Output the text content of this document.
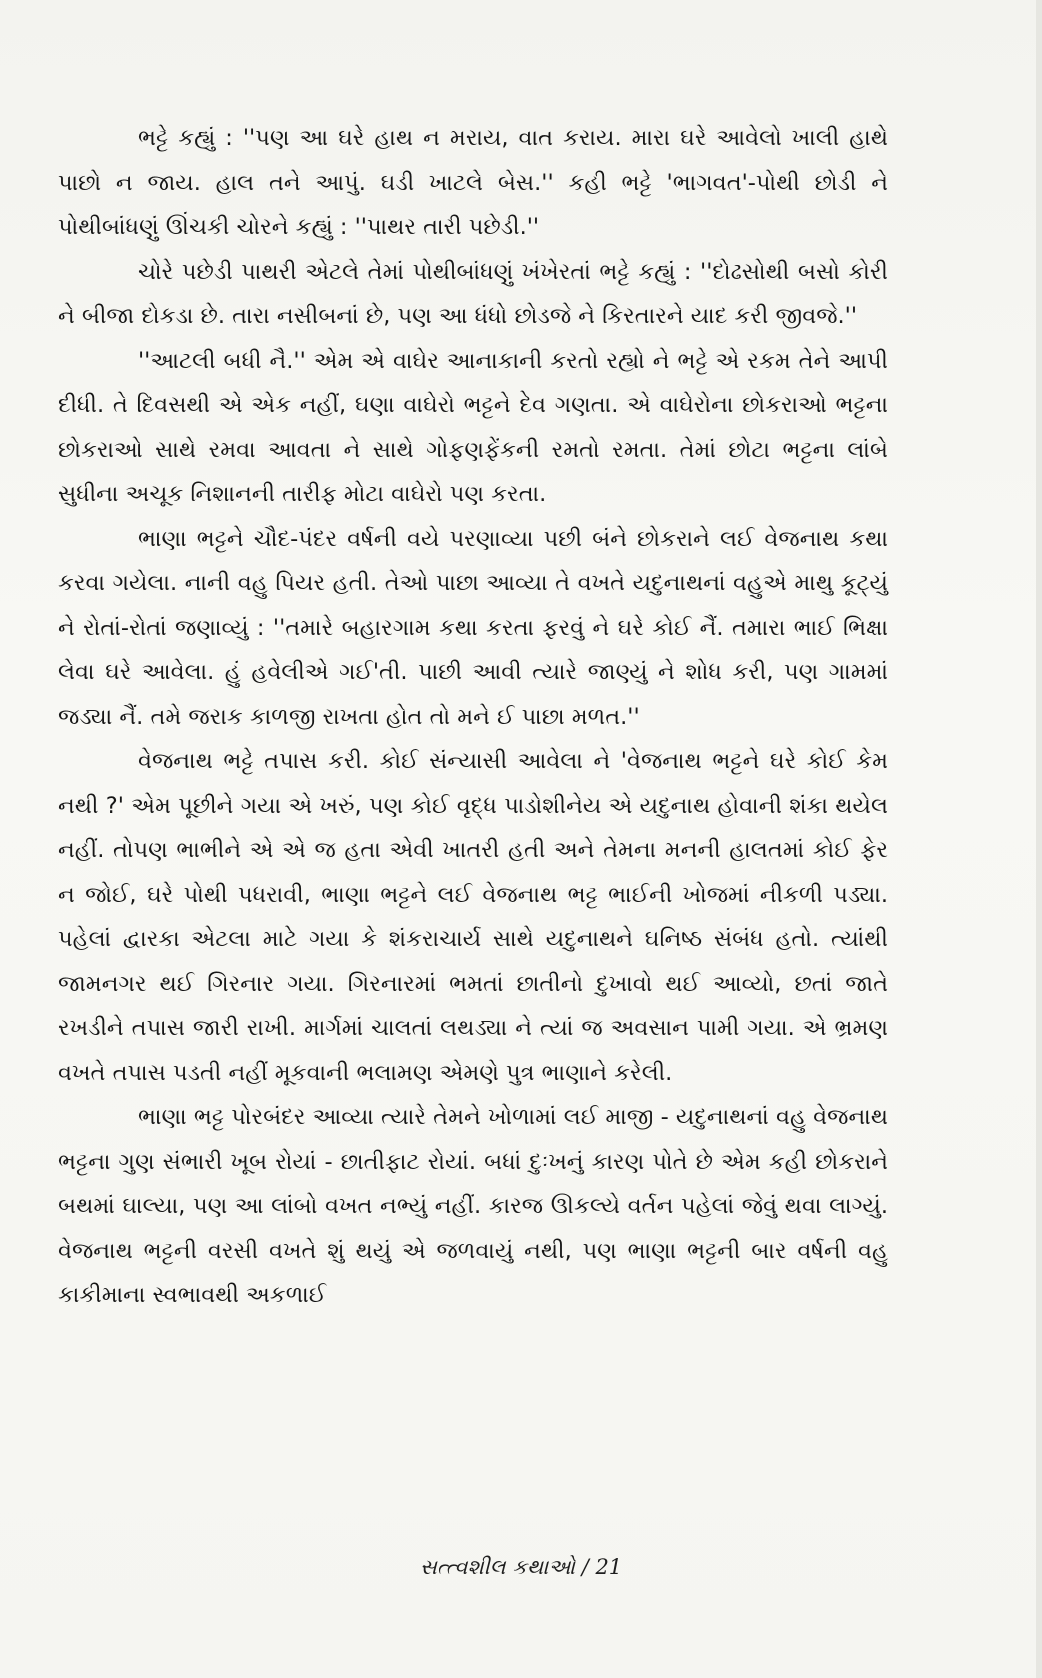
ભટ્ટે કહ્યું : ''પણ આ ઘરે હાથ ન મરાય, વાત કરાય. મારા ઘરે આવેલો ખાલી હાથે પાછો ન જાય. હાલ તને આપું. ઘડી ખાટલે બેસ.'' કહી ભટ્ટે 'ભાગવત'-પોથી છોડી ને પોથીબાંધણું ઊંચકી ચોરને કહ્યું : ''પાથર તારી પછેડી.''

ચોરે પછેડી પાથરી એટલે તેમાં પોથીબાંધણું ખંખેરતાં ભટ્ટે કહ્યું : ''દોઢસોથી બસો કોરી ને બીજા દોકડા છે. તારા નસીબનાં છે, પણ આ ધંધો છોડજે ને કિરતારને યાદ કરી જીવજે.''

''આટલી બધી નૈ.'' એમ એ વાઘેર આનાકાની કરતો રહ્યો ને ભટ્ટે એ રકમ તેને આપી દીધી. તે દિવસથી એ એક નહીં, ઘણા વાઘેરો ભટ્ટને દેવ ગણતા. એ વાઘેરોના છોકરાઓ ભટ્ટના છોકરાઓ સાથે રમવા આવતા ને સાથે ગોફણફેંકની રમતો રમતા. તેમાં છોટા ભટ્ટના લાંબે સુધીના અચૂક નિશાનની તારીફ મોટા વાઘેરો પણ કરતા.

ભાણા ભટ્ટને ચૌદ-પંદર વર્ષની વયે પરણાવ્યા પછી બંને છોકરાને લઈ વેજનાથ કથા કરવા ગયેલા. નાની વહુ પિયર હતી. તેઓ પાછા આવ્યા તે વખતે યદુનાથનાં વહુએ માથુ કૂટ્યું ને રોતાં-રોતાં જણાવ્યું : ''તમારે બહારગામ કથા કરતા ફરવું ને ઘરે કોઈ નૈં. તમારા ભાઈ ભિક્ષા લેવા ઘરે આવેલા. હું હવેલીએ ગઈ'તી. પાછી આવી ત્યારે જાણ્યું ને શોધ કરી, પણ ગામમાં જડ્યા નૈં. તમે જરાક કાળજી રાખતા હોત તો મને ઈ પાછા મળત.''

વેજનાથ ભટ્ટે તપાસ કરી. કોઈ સંન્યાસી આવેલા ને 'વેજનાથ ભટ્ટને ઘરે કોઈ કેમ નથી ?' એમ પૂછીને ગયા એ ખરું, પણ કોઈ વૃદ્ધ પાડોશીનેય એ યદુનાથ હોવાની શંકા થયેલ નહીં. તોપણ ભાભીને એ એ જ હતા એવી ખાતરી હતી અને તેમના મનની હાલતમાં કોઈ ફેર ન જોઈ, ઘરે પોથી પધરાવી, ભાણા ભટ્ટને લઈ વેજનાથ ભટ્ટ ભાઈની ખોજમાં નીકળી પડ્યા. પહેલાં દ્વારકા એટલા માટે ગયા કે શંકરાચાર્ય સાથે યદુનાથને ઘનિષ્ઠ સંબંધ હતો. ત્યાંથી જામનગર થઈ ગિરનાર ગયા. ગિરનારમાં ભમતાં છાતીનો દુખાવો થઈ આવ્યો, છતાં જાતે રખડીને તપાસ જારી રાખી. માર્ગમાં ચાલતાં લથડ્યા ને ત્યાં જ અવસાન પામી ગયા. એ ભ્રમણ વખતે તપાસ પડતી નહીં મૂકવાની ભલામણ એમણે પુત્ર ભાણાને કરેલી.

ભાણા ભટ્ટ પોરબંદર આવ્યા ત્યારે તેમને ખોળામાં લઈ માજી - યદુનાથનાં વહુ વેજનાથ ભટ્ટના ગુણ સંભારી ખૂબ રોયાં - છાતીફાટ રોયાં. બધાં દુઃખનું કારણ પોતે છે એમ કહી છોકરાને બથમાં ઘાલ્યા, પણ આ લાંબો વખત નભ્યું નહીં. કારજ ઊકલ્યે વર્તન પહેલાં જેવું થવા લાગ્યું. વેજનાથ ભટ્ટની વરસી વખતે શું થયું એ જળવાયું નથી, પણ ભાણા ભટ્ટની બાર વર્ષની વહુ કાકીમાના સ્વભાવથી અકળાઈ

સત્ત્વશીલ કથાઓ / 21
